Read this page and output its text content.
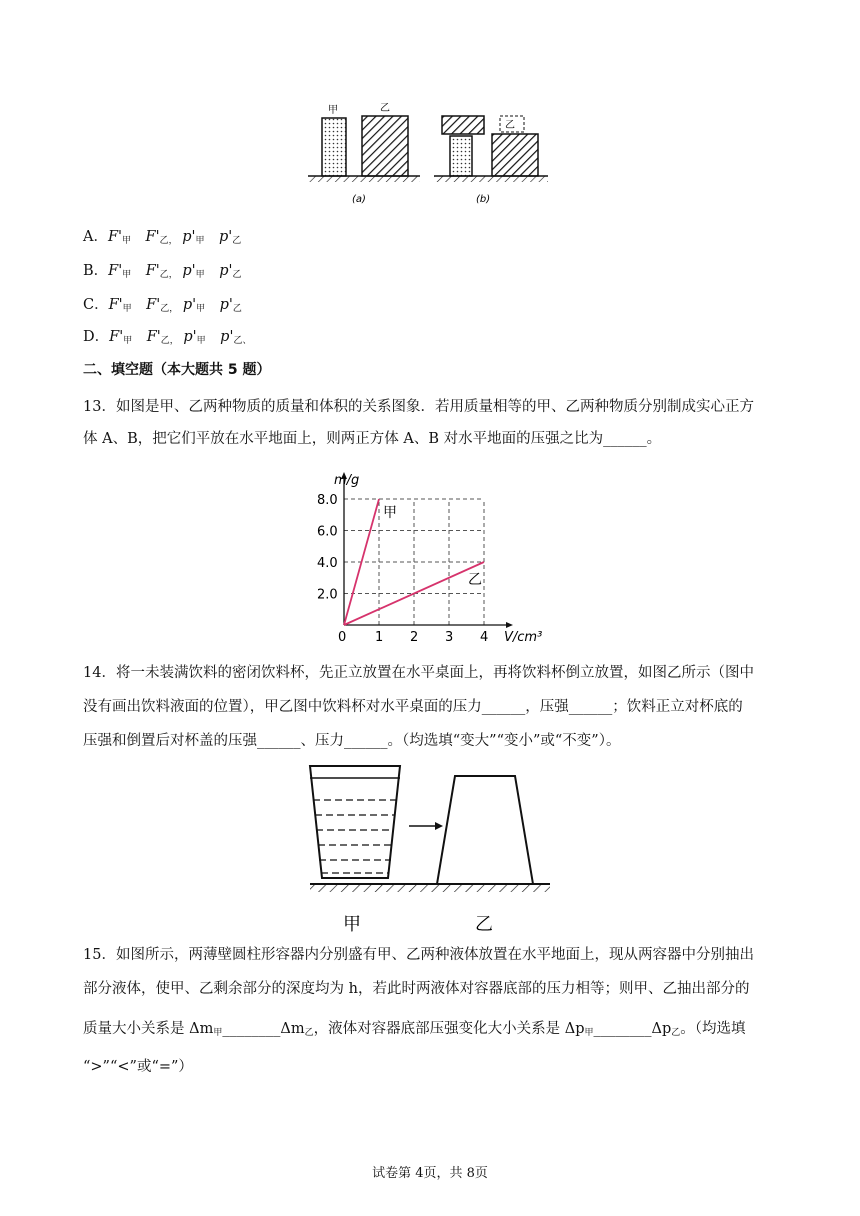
甲	乙
(a)
乙
(b)
A．$F'_甲$  $F'_{乙,}$ $p'_甲$  $p'_乙$
B．$F'_甲$  $F'_{乙,}$ $p'_甲$  $p'_乙$
C．$F'_甲$  $F'_{乙,}$ $p'_甲$  $p'_乙$
D．$F'_甲$  $F'_{乙,}$ $p'_甲$  $p'_{乙、}$
二、填空题（本大题共 5 题）
13．如图是甲、乙两种物质的质量和体积的关系图象．若用质量相等的甲、乙两种物质分别制成实心正方
体 A、B，把它们平放在水平地面上，则两正方体 A、B 对水平地面的压强之比为______。
0 1 2 3 4
2.0
4.0
6.0
8.0
m/g
V/cm³
甲
乙
14．将一未装满饮料的密闭饮料杯，先正立放置在水平桌面上，再将饮料杯倒立放置，如图乙所示（图中
没有画出饮料液面的位置），甲乙图中饮料杯对水平桌面的压力______，压强______；饮料正立对杯底的
压强和倒置后对杯盖的压强______、压力______。（均选填“变大”“变小”或“不变”）。
甲	乙
15．如图所示，两薄壁圆柱形容器内分别盛有甲、乙两种液体放置在水平地面上，现从两容器中分别抽出
部分液体，使甲、乙剩余部分的深度均为 h，若此时两液体对容器底部的压力相等；则甲、乙抽出部分的
质量大小关系是 $\Delta m_甲\_\_\_\_\_\_\_\_\Delta m_乙$，液体对容器底部压强变化大小关系是 $\Delta p_甲\_\_\_\_\_\_\_\_\Delta p_乙$。（均选填
“>”“<”或“=”）
试卷第 4页，共 8页
